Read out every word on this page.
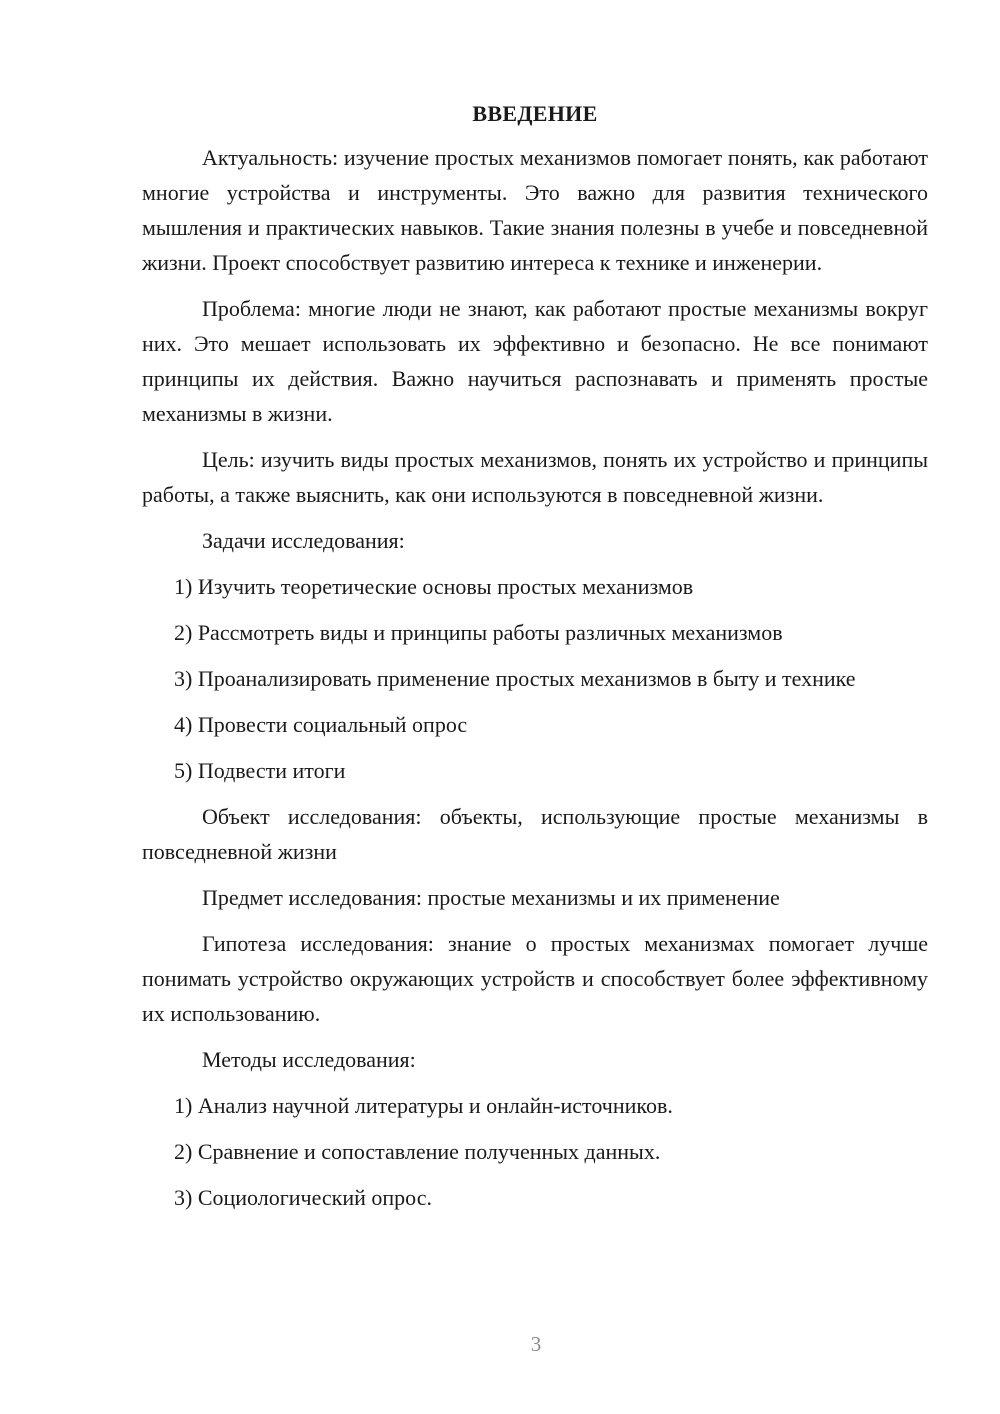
ВВЕДЕНИЕ

Актуальность: изучение простых механизмов помогает понять, как работают многие устройства и инструменты. Это важно для развития технического мышления и практических навыков. Такие знания полезны в учебе и повседневной жизни. Проект способствует развитию интереса к технике и инженерии.

Проблема: многие люди не знают, как работают простые механизмы вокруг них. Это мешает использовать их эффективно и безопасно. Не все понимают принципы их действия. Важно научиться распознавать и применять простые механизмы в жизни.

Цель: изучить виды простых механизмов, понять их устройство и принципы работы, а также выяснить, как они используются в повседневной жизни.

Задачи исследования:

1) Изучить теоретические основы простых механизмов

2) Рассмотреть виды и принципы работы различных механизмов

3) Проанализировать применение простых механизмов в быту и технике

4) Провести социальный опрос

5) Подвести итоги

Объект исследования: объекты, использующие простые механизмы в повседневной жизни

Предмет исследования: простые механизмы и их применение

Гипотеза исследования: знание о простых механизмах помогает лучше понимать устройство окружающих устройств и способствует более эффективному их использованию.

Методы исследования:

1) Анализ научной литературы и онлайн-источников.

2) Сравнение и сопоставление полученных данных.

3) Социологический опрос.

3
